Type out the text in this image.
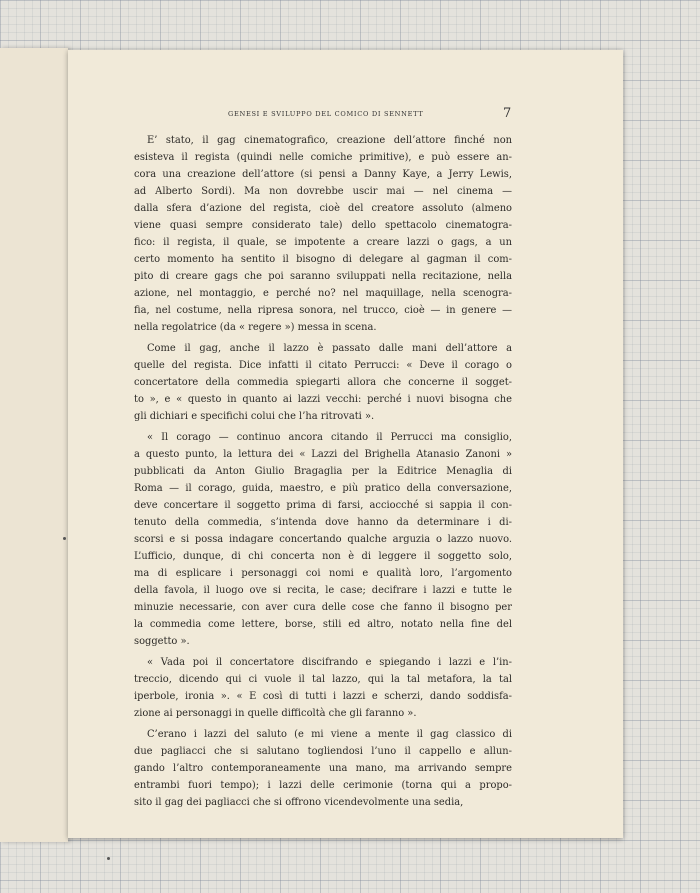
GENESI E SVILUPPO DEL COMICO DI SENNETT	7
E’ stato, il gag cinematografico, creazione dell’attore finché non
esisteva il regista (quindi nelle comiche primitive), e può essere an-
cora una creazione dell’attore (si pensi a Danny Kaye, a Jerry Lewis,
ad Alberto Sordi). Ma non dovrebbe uscir mai — nel cinema —
dalla sfera d’azione del regista, cioè del creatore assoluto (almeno
viene quasi sempre considerato tale) dello spettacolo cinematogra-
fico: il regista, il quale, se impotente a creare lazzi o gags, a un
certo momento ha sentito il bisogno di delegare al gagman il com-
pito di creare gags che poi saranno sviluppati nella recitazione, nella
azione, nel montaggio, e perché no? nel maquillage, nella scenogra-
fia, nel costume, nella ripresa sonora, nel trucco, cioè — in genere —
nella regolatrice (da « regere ») messa in scena.
Come il gag, anche il lazzo è passato dalle mani dell’attore a
quelle del regista. Dice infatti il citato Perrucci: « Deve il corago o
concertatore della commedia spiegarti allora che concerne il sogget-
to », e « questo in quanto ai lazzi vecchi: perché i nuovi bisogna che
gli dichiari e specifichi colui che l’ha ritrovati ».
« Il corago — continuo ancora citando il Perrucci ma consiglio,
a questo punto, la lettura dei « Lazzi del Brighella Atanasio Zanoni »
pubblicati da Anton Giulio Bragaglia per la Editrice Menaglia di
Roma — il corago, guida, maestro, e più pratico della conversazione,
deve concertare il soggetto prima di farsi, acciocché si sappia il con-
tenuto della commedia, s’intenda dove hanno da determinare i di-
scorsi e si possa indagare concertando qualche arguzia o lazzo nuovo.
L’ufficio, dunque, di chi concerta non è di leggere il soggetto solo,
ma di esplicare i personaggi coi nomi e qualità loro, l’argomento
della favola, il luogo ove si recita, le case; decifrare i lazzi e tutte le
minuzie necessarie, con aver cura delle cose che fanno il bisogno per
la commedia come lettere, borse, stili ed altro, notato nella fine del
soggetto ».
« Vada poi il concertatore discifrando e spiegando i lazzi e l’in-
treccio, dicendo qui ci vuole il tal lazzo, qui la tal metafora, la tal
iperbole, ironia ». « E così di tutti i lazzi e scherzi, dando soddisfa-
zione ai personaggi in quelle difficoltà che gli faranno ».
C’erano i lazzi del saluto (e mi viene a mente il gag classico di
due pagliacci che si salutano togliendosi l’uno il cappello e allun-
gando l’altro contemporaneamente una mano, ma arrivando sempre
entrambi fuori tempo); i lazzi delle cerimonie (torna qui a propo-
sito il gag dei pagliacci che si offrono vicendevolmente una sedia,
